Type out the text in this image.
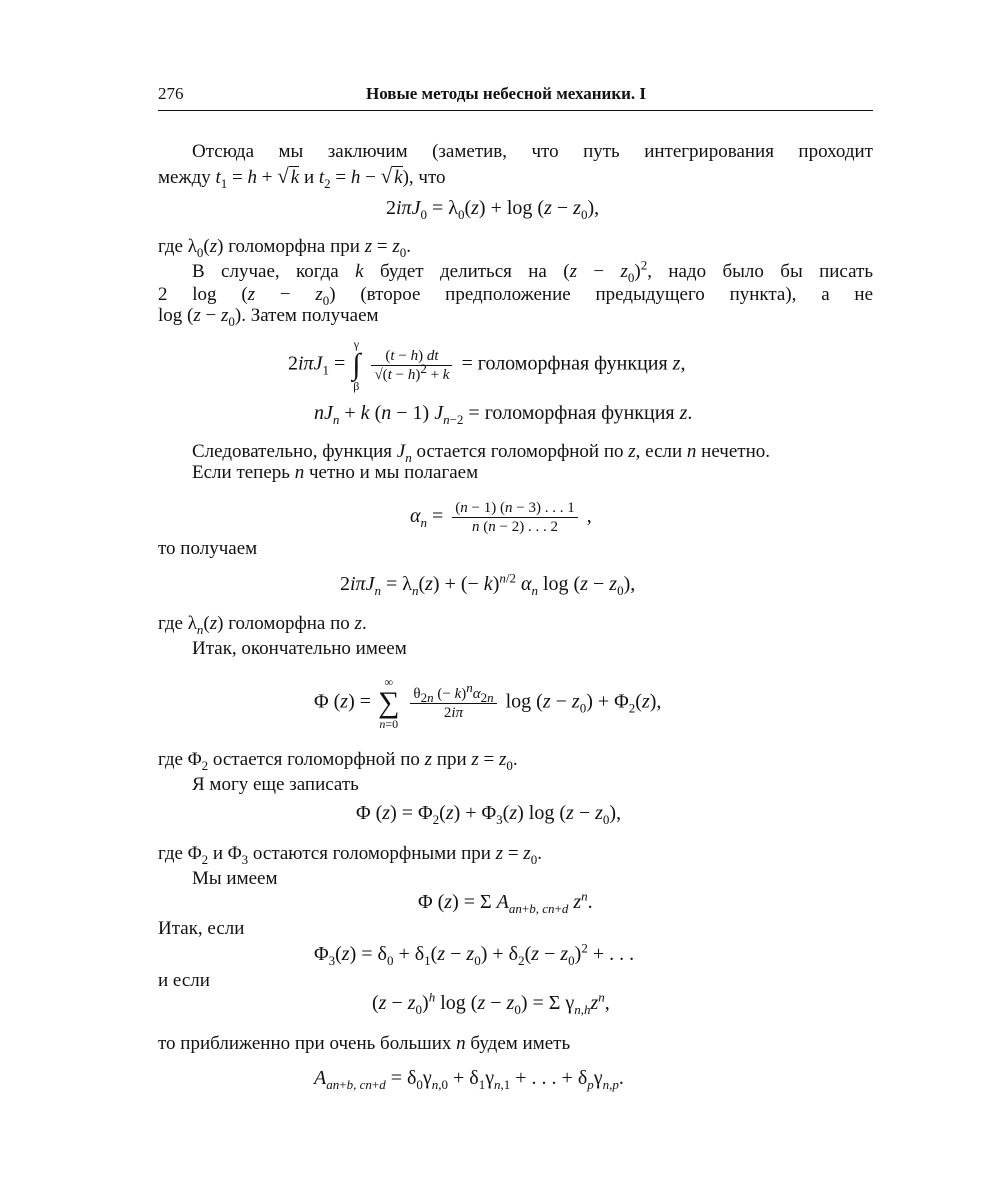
276	Новые методы небесной механики. I
Отсюда мы заключим (заметив, что путь интегрирования проходит
между $t_1 = h$ + √ k и $t_2 = h$ − √ k), что
$2i\pi J_0 = \lambda_0(z) + \log (z - z_0)$,
где $\lambda_0(z)$ голоморфна при $z = z_0$.
В случае, когда k будет делиться на $(z - z_0)^2$, надо было бы писать
2 $\log (z - z_0)$ (второе предположение предыдущего пункта), а не
$\log (z - z_0)$. Затем получаем
2iπJ$_1$ =
γ
∫
β

$\frac{(t - h) dt}{√(t - h)^2 + k}$ = голоморфная функция z,
$nJ_n + k$ (n − 1) $J_{n-2}$ = голоморфная функция z.
Следовательно, функция $J_n$ остается голоморфной по z, если n нечетно.
Если теперь n четно и мы полагаем
$\alpha_n = \frac{(n - 1) (n - 3) . . . 1}{n (n - 2) . . . 2}$ ,
то получаем
$2i\pi J_n = \lambda_n(z)$ + (− k)$^{n/2}$ $\alpha_n$ $\log (z - z_0)$,
где $\lambda_n(z)$ голоморфна по z.
Итак, окончательно имеем
Φ (z) =
∞
∑
n=0

$\frac{\theta_{2n} (- k)^n\alpha_{2n}}{2i\pi}$ $\log (z - z_0) + \Phi_2(z)$,
где $\Phi_2$ остается голоморфной по z при $z = z_0$.
Я могу еще записать
Φ $(z) = \Phi_2(z) + \Phi_3(z)$ $\log (z - z_0)$,
где $\Phi_2$ и $\Phi_3$ остаются голоморфными при $z = z_0$.
Мы имеем
Φ (z) = Σ $A_{an+b, cn+d}$ $z^n$.
Итак, если
$\Phi_3(z) = \delta_0 + \delta_1(z - z_0) + \delta_2(z - z_0)^2$ + . . .
и если
$(z - z_0)^h$ $\log (z - z_0) = \Sigma$ $\gamma_{n,h}z^n$,
то приближенно при очень больших n будем иметь
$A_{an+b, cn+d} = \delta_0\gamma_{n,0} + \delta_1\gamma_{n,1}$ + . . . + $\delta_p\gamma_{n,p}$.
